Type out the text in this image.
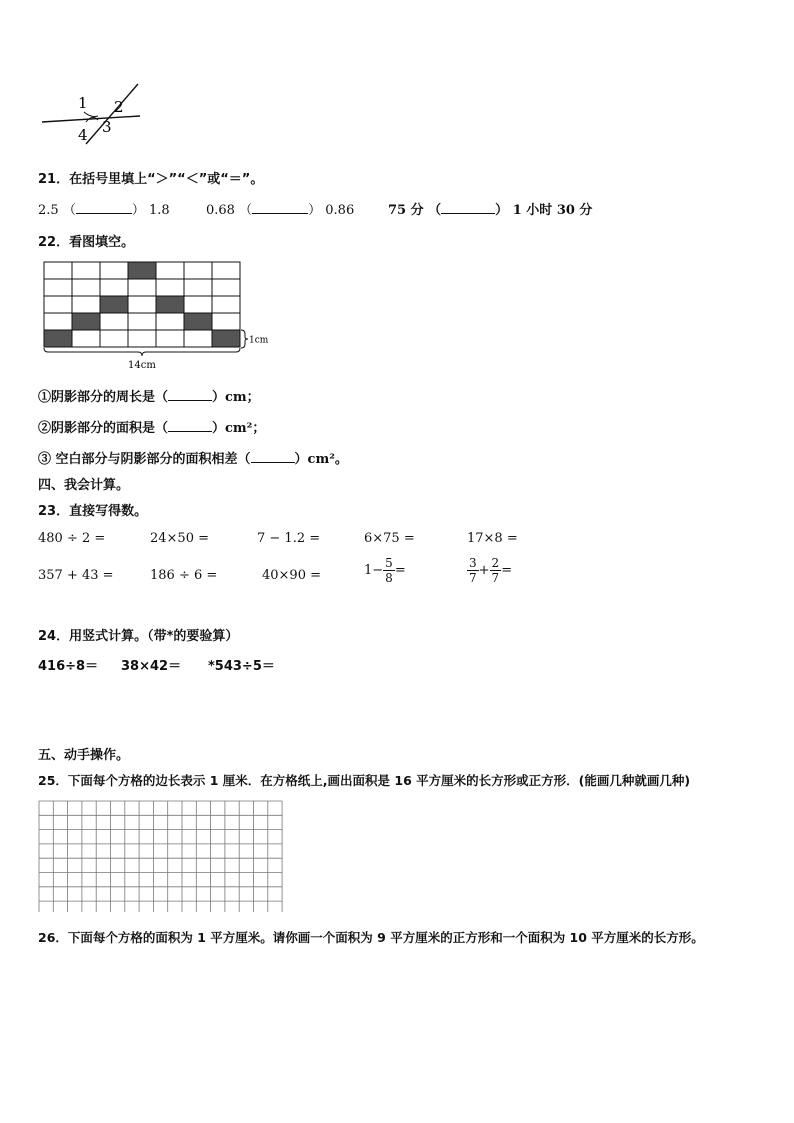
1 2
3
4
21．在括号里填上“＞”“＜”或“＝”。
2.5 （	） 1.8	0.68 （	） 0.86	75 分 （	） 1 小时 30 分
22．看图填空。
1cm
14cm
①阴影部分的周长是（	）cm；
②阴影部分的面积是（	）cm²；
③ 空白部分与阴影部分的面积相差（	）cm²。
四、我会计算。
23．直接写得数。
480 ÷ 2 =	24×50 =	7 − 1.2 =	6×75 =	17×8 =
357 + 43 =	186 ÷ 6 =	40×90 =	$1- \frac{5}{8}$ =	$\frac{3}{7} + \frac{2}{7}$ =
24．用竖式计算。（带*的要验算）
416÷8＝ 38×42＝ *543÷5＝
五、动手操作。
25．下面每个方格的边长表示 1 厘米．在方格纸上,画出面积是 16 平方厘米的长方形或正方形．(能画几种就画几种)
26．下面每个方格的面积为 1 平方厘米。请你画一个面积为 9 平方厘米的正方形和一个面积为 10 平方厘米的长方形。
